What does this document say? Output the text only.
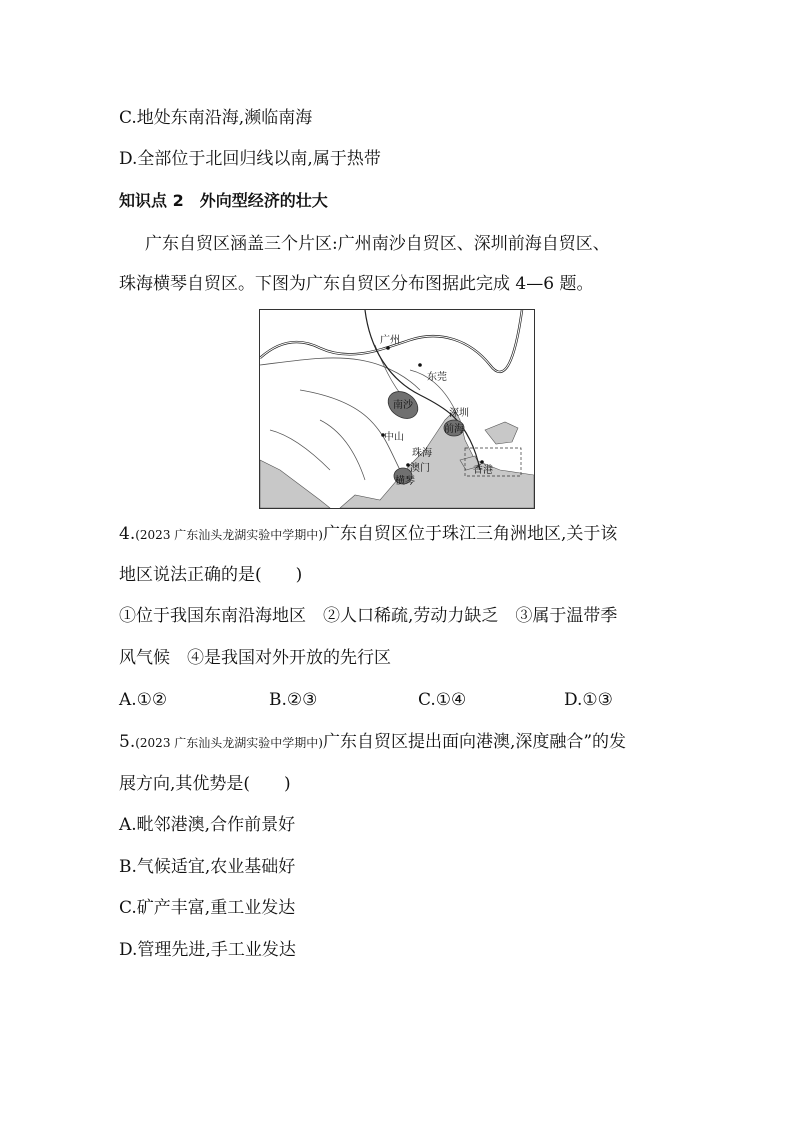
C.地处东南沿海,濒临南海
D.全部位于北回归线以南,属于热带
知识点 2　外向型经济的壮大
广东自贸区涵盖三个片区:广州南沙自贸区、深圳前海自贸区、
珠海横琴自贸区。下图为广东自贸区分布图据此完成 4—6 题。
广州
东莞
南沙
深圳
前海
中山
珠海
澳门
横琴
香港
4.(2023 广东汕头龙湖实验中学期中)广东自贸区位于珠江三角洲地区,关于该
地区说法正确的是(　　)
①位于我国东南沿海地区　②人口稀疏,劳动力缺乏　③属于温带季
风气候　④是我国对外开放的先行区
A.①②	B.②③	C.①④	D.①③
5.(2023 广东汕头龙湖实验中学期中)广东自贸区提出面向港澳,深度融合”的发
展方向,其优势是(　　)
A.毗邻港澳,合作前景好
B.气候适宜,农业基础好
C.矿产丰富,重工业发达
D.管理先进,手工业发达
